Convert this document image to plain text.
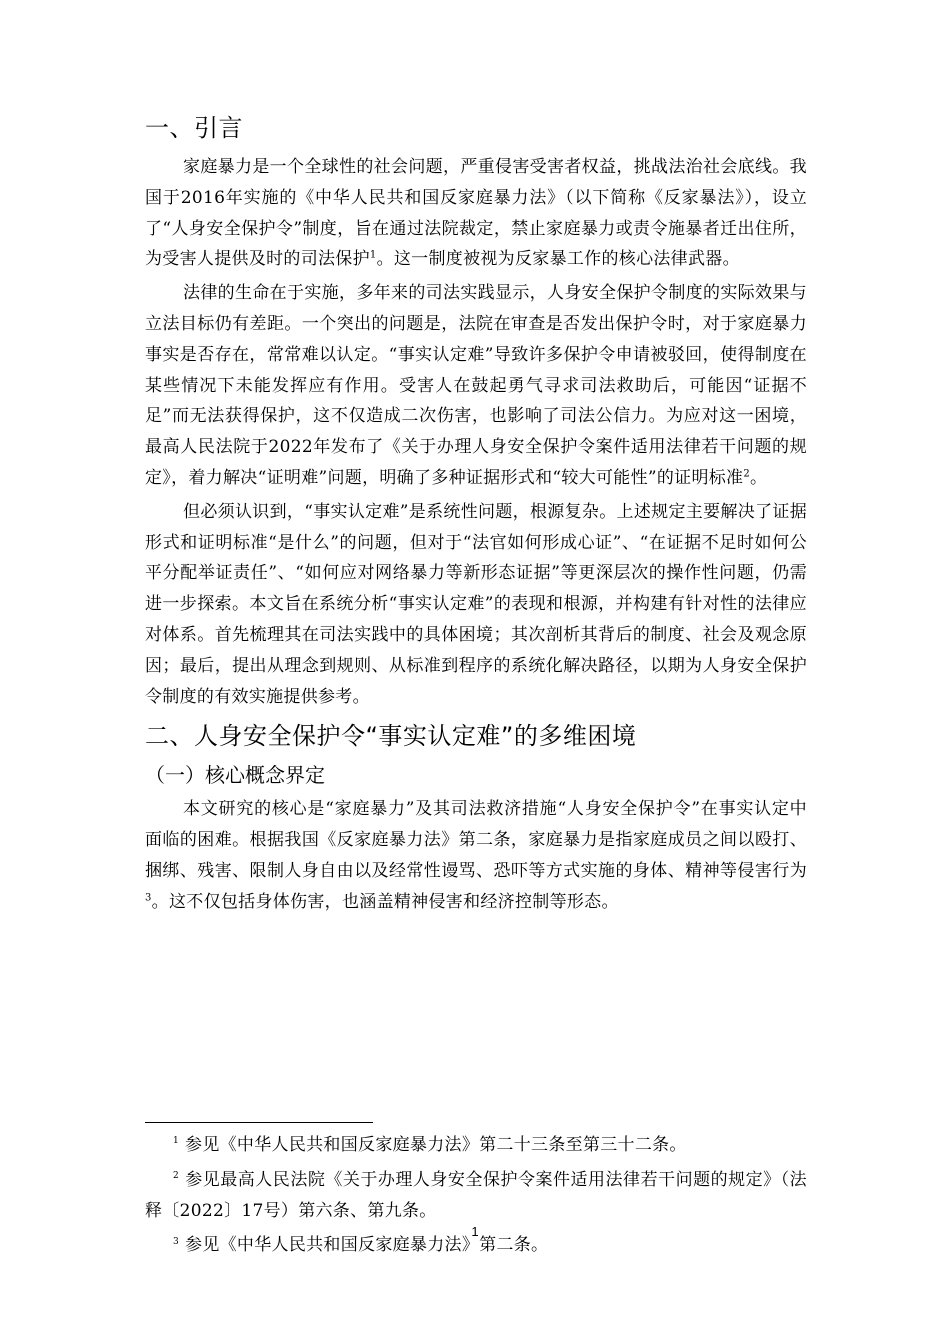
一、引言

家庭暴力是一个全球性的社会问题，严重侵害受害者权益，挑战法治社会底线。我国于2016年实施的《中华人民共和国反家庭暴力法》（以下简称《反家暴法》），设立了“人身安全保护令”制度，旨在通过法院裁定，禁止家庭暴力或责令施暴者迁出住所，为受害人提供及时的司法保护$^1$。这一制度被视为反家暴工作的核心法律武器。

法律的生命在于实施，多年来的司法实践显示，人身安全保护令制度的实际效果与立法目标仍有差距。一个突出的问题是，法院在审查是否发出保护令时，对于家庭暴力事实是否存在，常常难以认定。“事实认定难”导致许多保护令申请被驳回，使得制度在某些情况下未能发挥应有作用。受害人在鼓起勇气寻求司法救助后，可能因“证据不足”而无法获得保护，这不仅造成二次伤害，也影响了司法公信力。为应对这一困境，最高人民法院于2022年发布了《关于办理人身安全保护令案件适用法律若干问题的规定》，着力解决“证明难”问题，明确了多种证据形式和“较大可能性”的证明标准$^2$。

但必须认识到，“事实认定难”是系统性问题，根源复杂。上述规定主要解决了证据形式和证明标准“是什么”的问题，但对于“法官如何形成心证”、“在证据不足时如何公平分配举证责任”、“如何应对网络暴力等新形态证据”等更深层次的操作性问题，仍需进一步探索。本文旨在系统分析“事实认定难”的表现和根源，并构建有针对性的法律应对体系。首先梳理其在司法实践中的具体困境；其次剖析其背后的制度、社会及观念原因；最后，提出从理念到规则、从标准到程序的系统化解决路径，以期为人身安全保护令制度的有效实施提供参考。

二、人身安全保护令“事实认定难”的多维困境
（一）核心概念界定

本文研究的核心是“家庭暴力”及其司法救济措施“人身安全保护令”在事实认定中面临的困难。根据我国《反家庭暴力法》第二条，家庭暴力是指家庭成员之间以殴打、捆绑、残害、限制人身自由以及经常性谩骂、恐吓等方式实施的身体、精神等侵害行为$^3$。这不仅包括身体伤害，也涵盖精神侵害和经济控制等形态。

$^1$ 参见《中华人民共和国反家庭暴力法》第二十三条至第三十二条。

$^2$ 参见最高人民法院《关于办理人身安全保护令案件适用法律若干问题的规定》（法释〔2022〕17号）第六条、第九条。

$^3$ 参见《中华人民共和国反家庭暴力法》第二条。

1
